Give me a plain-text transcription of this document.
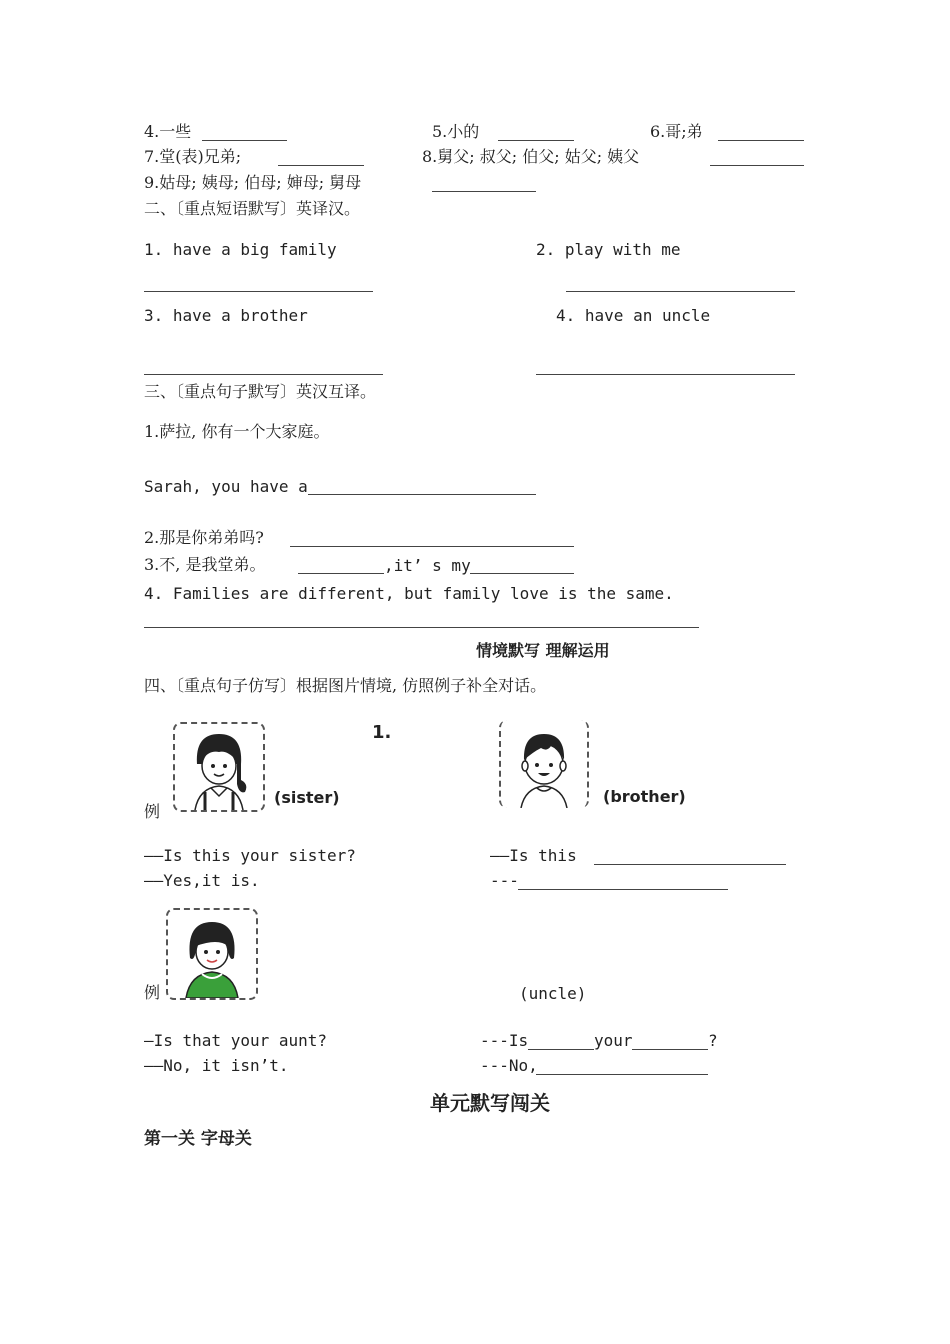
4.一些	5.小的	6.哥;弟
7.堂(表)兄弟;	8.舅父; 叔父; 伯父; 姑父; 姨父
9.姑母; 姨母; 伯母; 婶母; 舅母
二、〔重点短语默写〕英译汉。
1. have a big family	2. play with me
3. have a brother	4. have an uncle
三、〔重点句子默写〕英汉互译。
1.萨拉, 你有一个大家庭。
Sarah, you have a
2.那是你弟弟吗?
3.不, 是我堂弟。	,it’ s my
4. Families are different, but family love is the same.
情境默写 理解运用
四、〔重点句子仿写〕根据图片情境, 仿照例子补全对话。
(sister)
例
1.
(brother)
——Is this your sister?
——Yes,it is.
——Is this
---
例	(uncle)
—Is that your aunt?
——No, it isn’t.
---Is	your	?
---No,
单元默写闯关
第一关 字母关
